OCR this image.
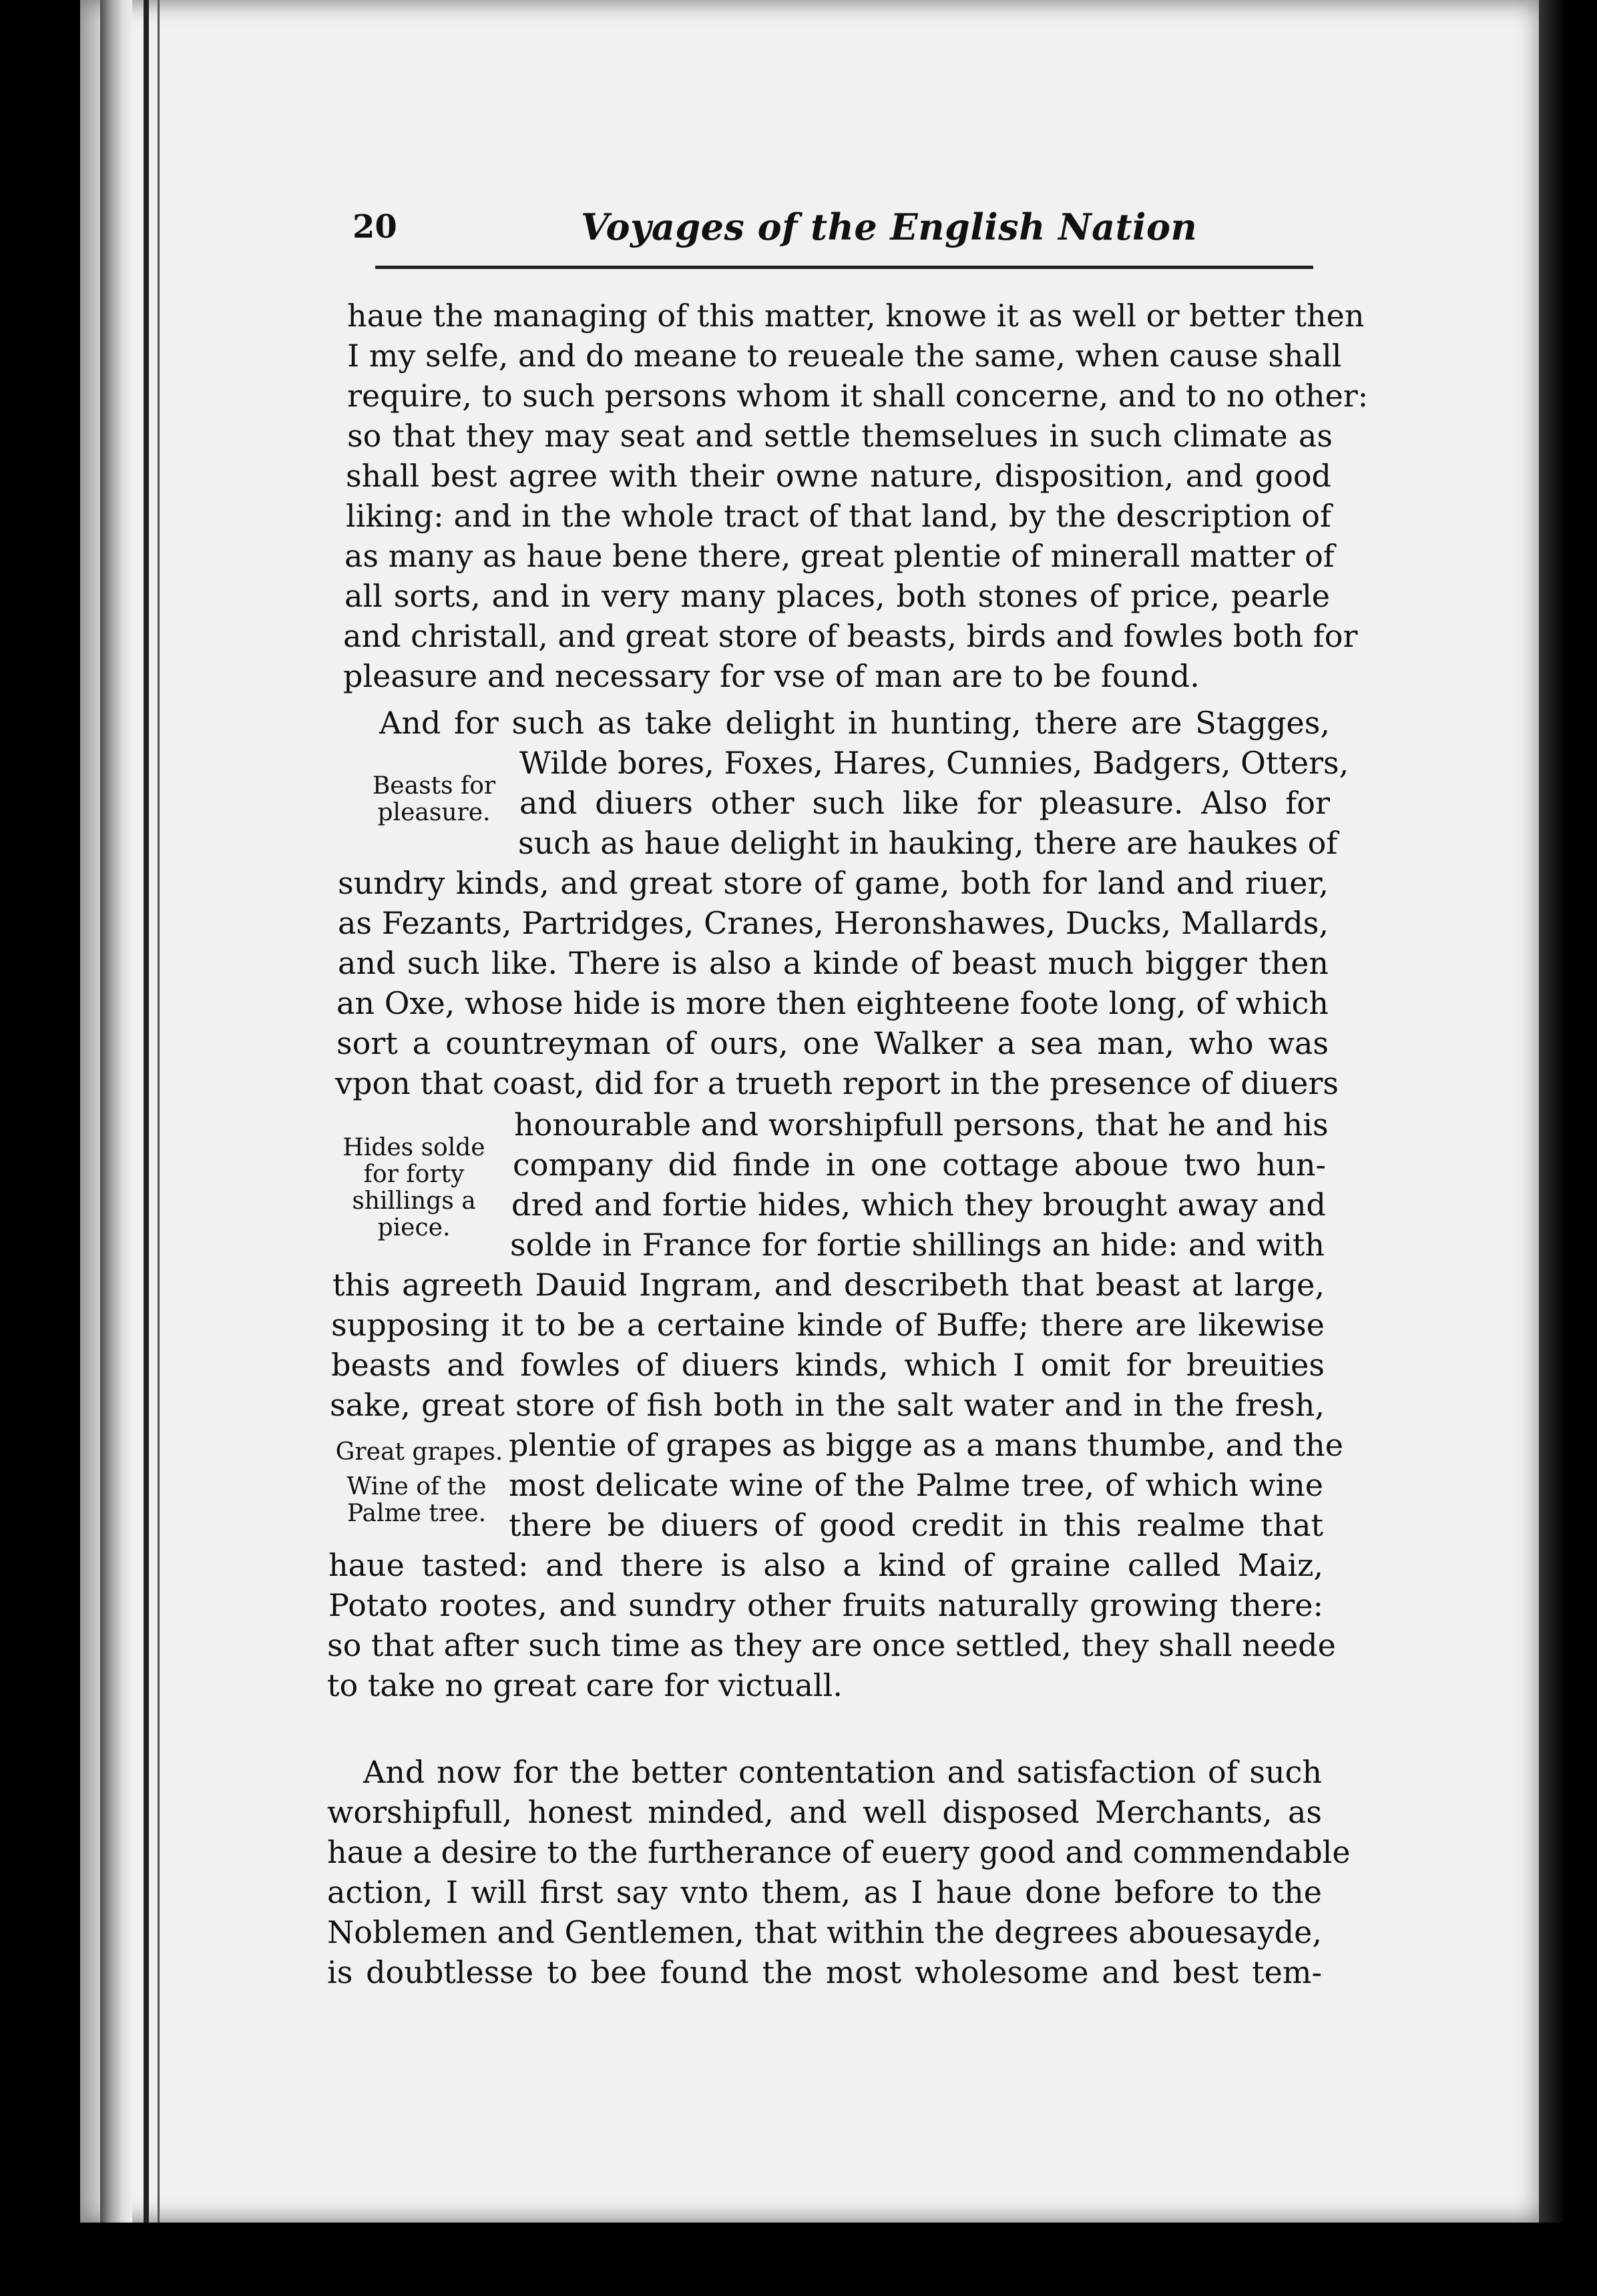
20	Voyages of the English Nation

haue the managing of this matter, knowe it as well or better then

I my selfe, and do meane to reueale the same, when cause shall

require, to such persons whom it shall concerne, and to no other:

so that they may seat and settle themselues in such climate as

shall best agree with their owne nature, disposition, and good

liking: and in the whole tract of that land, by the description of

as many as haue bene there, great plentie of minerall matter of

all sorts, and in very many places, both stones of price, pearle

and christall, and great store of beasts, birds and fowles both for

pleasure and necessary for vse of man are to be found.

And for such as take delight in hunting, there are Stagges,

Wilde bores, Foxes, Hares, Cunnies, Badgers, Otters,

and diuers other such like for pleasure. Also for

such as haue delight in hauking, there are haukes of

sundry kinds, and great store of game, both for land and riuer,

as Fezants, Partridges, Cranes, Heronshawes, Ducks, Mallards,

and such like. There is also a kinde of beast much bigger then

an Oxe, whose hide is more then eighteene foote long, of which

sort a countreyman of ours, one Walker a sea man, who was

vpon that coast, did for a trueth report in the presence of diuers

honourable and worshipfull persons, that he and his

company did finde in one cottage aboue two hun-

dred and fortie hides, which they brought away and

solde in France for fortie shillings an hide: and with

this agreeth Dauid Ingram, and describeth that beast at large,

supposing it to be a certaine kinde of Buffe; there are likewise

beasts and fowles of diuers kinds, which I omit for breuities

sake, great store of fish both in the salt water and in the fresh,

plentie of grapes as bigge as a mans thumbe, and the

most delicate wine of the Palme tree, of which wine

there be diuers of good credit in this realme that

haue tasted: and there is also a kind of graine called Maiz,

Potato rootes, and sundry other fruits naturally growing there:

so that after such time as they are once settled, they shall neede

to take no great care for victuall.

And now for the better contentation and satisfaction of such

worshipfull, honest minded, and well disposed Merchants, as

haue a desire to the furtherance of euery good and commendable

action, I will first say vnto them, as I haue done before to the

Noblemen and Gentlemen, that within the degrees abouesayde,

is doubtlesse to bee found the most wholesome and best tem-

Beasts for
pleasure.
Hides solde
for forty
shillings a
piece.
Great grapes.
Wine of the
Palme tree.
